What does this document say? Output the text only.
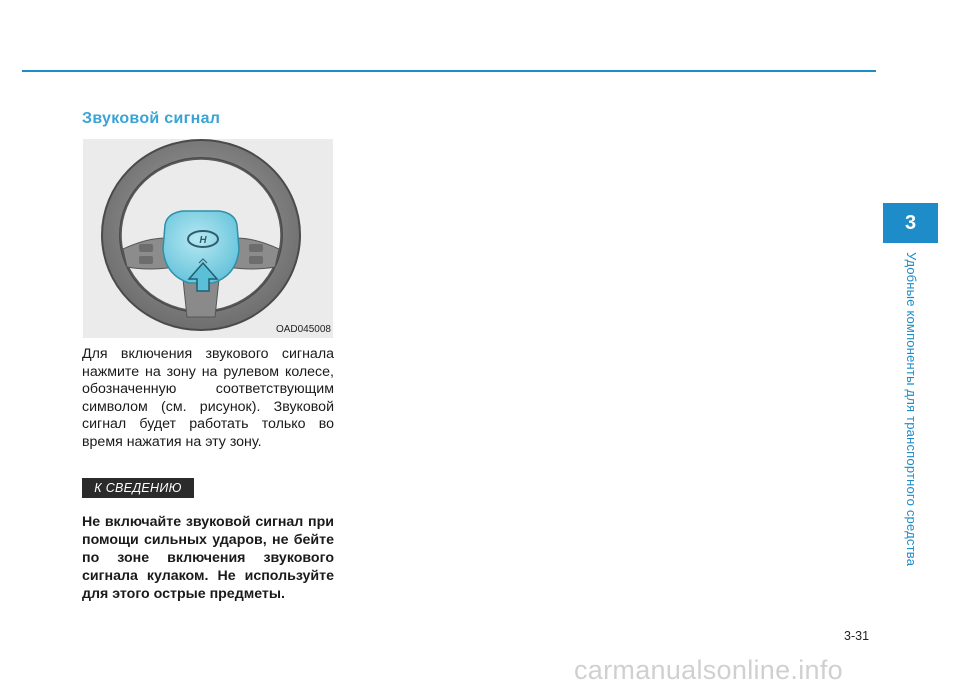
Звуковой сигнал
H
OAD045008
Для включения звукового сигнала нажмите на зону на рулевом колесе, обозначенную соответствующим символом (см. рисунок). Звуковой сигнал будет работать только во время нажатия на эту зону.
К СВЕДЕНИЮ
Не включайте звуковой сигнал при помощи сильных ударов, не бейте по зоне включения звукового сигнала кулаком. Не используйте для этого острые предметы.
3
Удобные компоненты для транспортного средства
3-31
carmanualsonline.info
